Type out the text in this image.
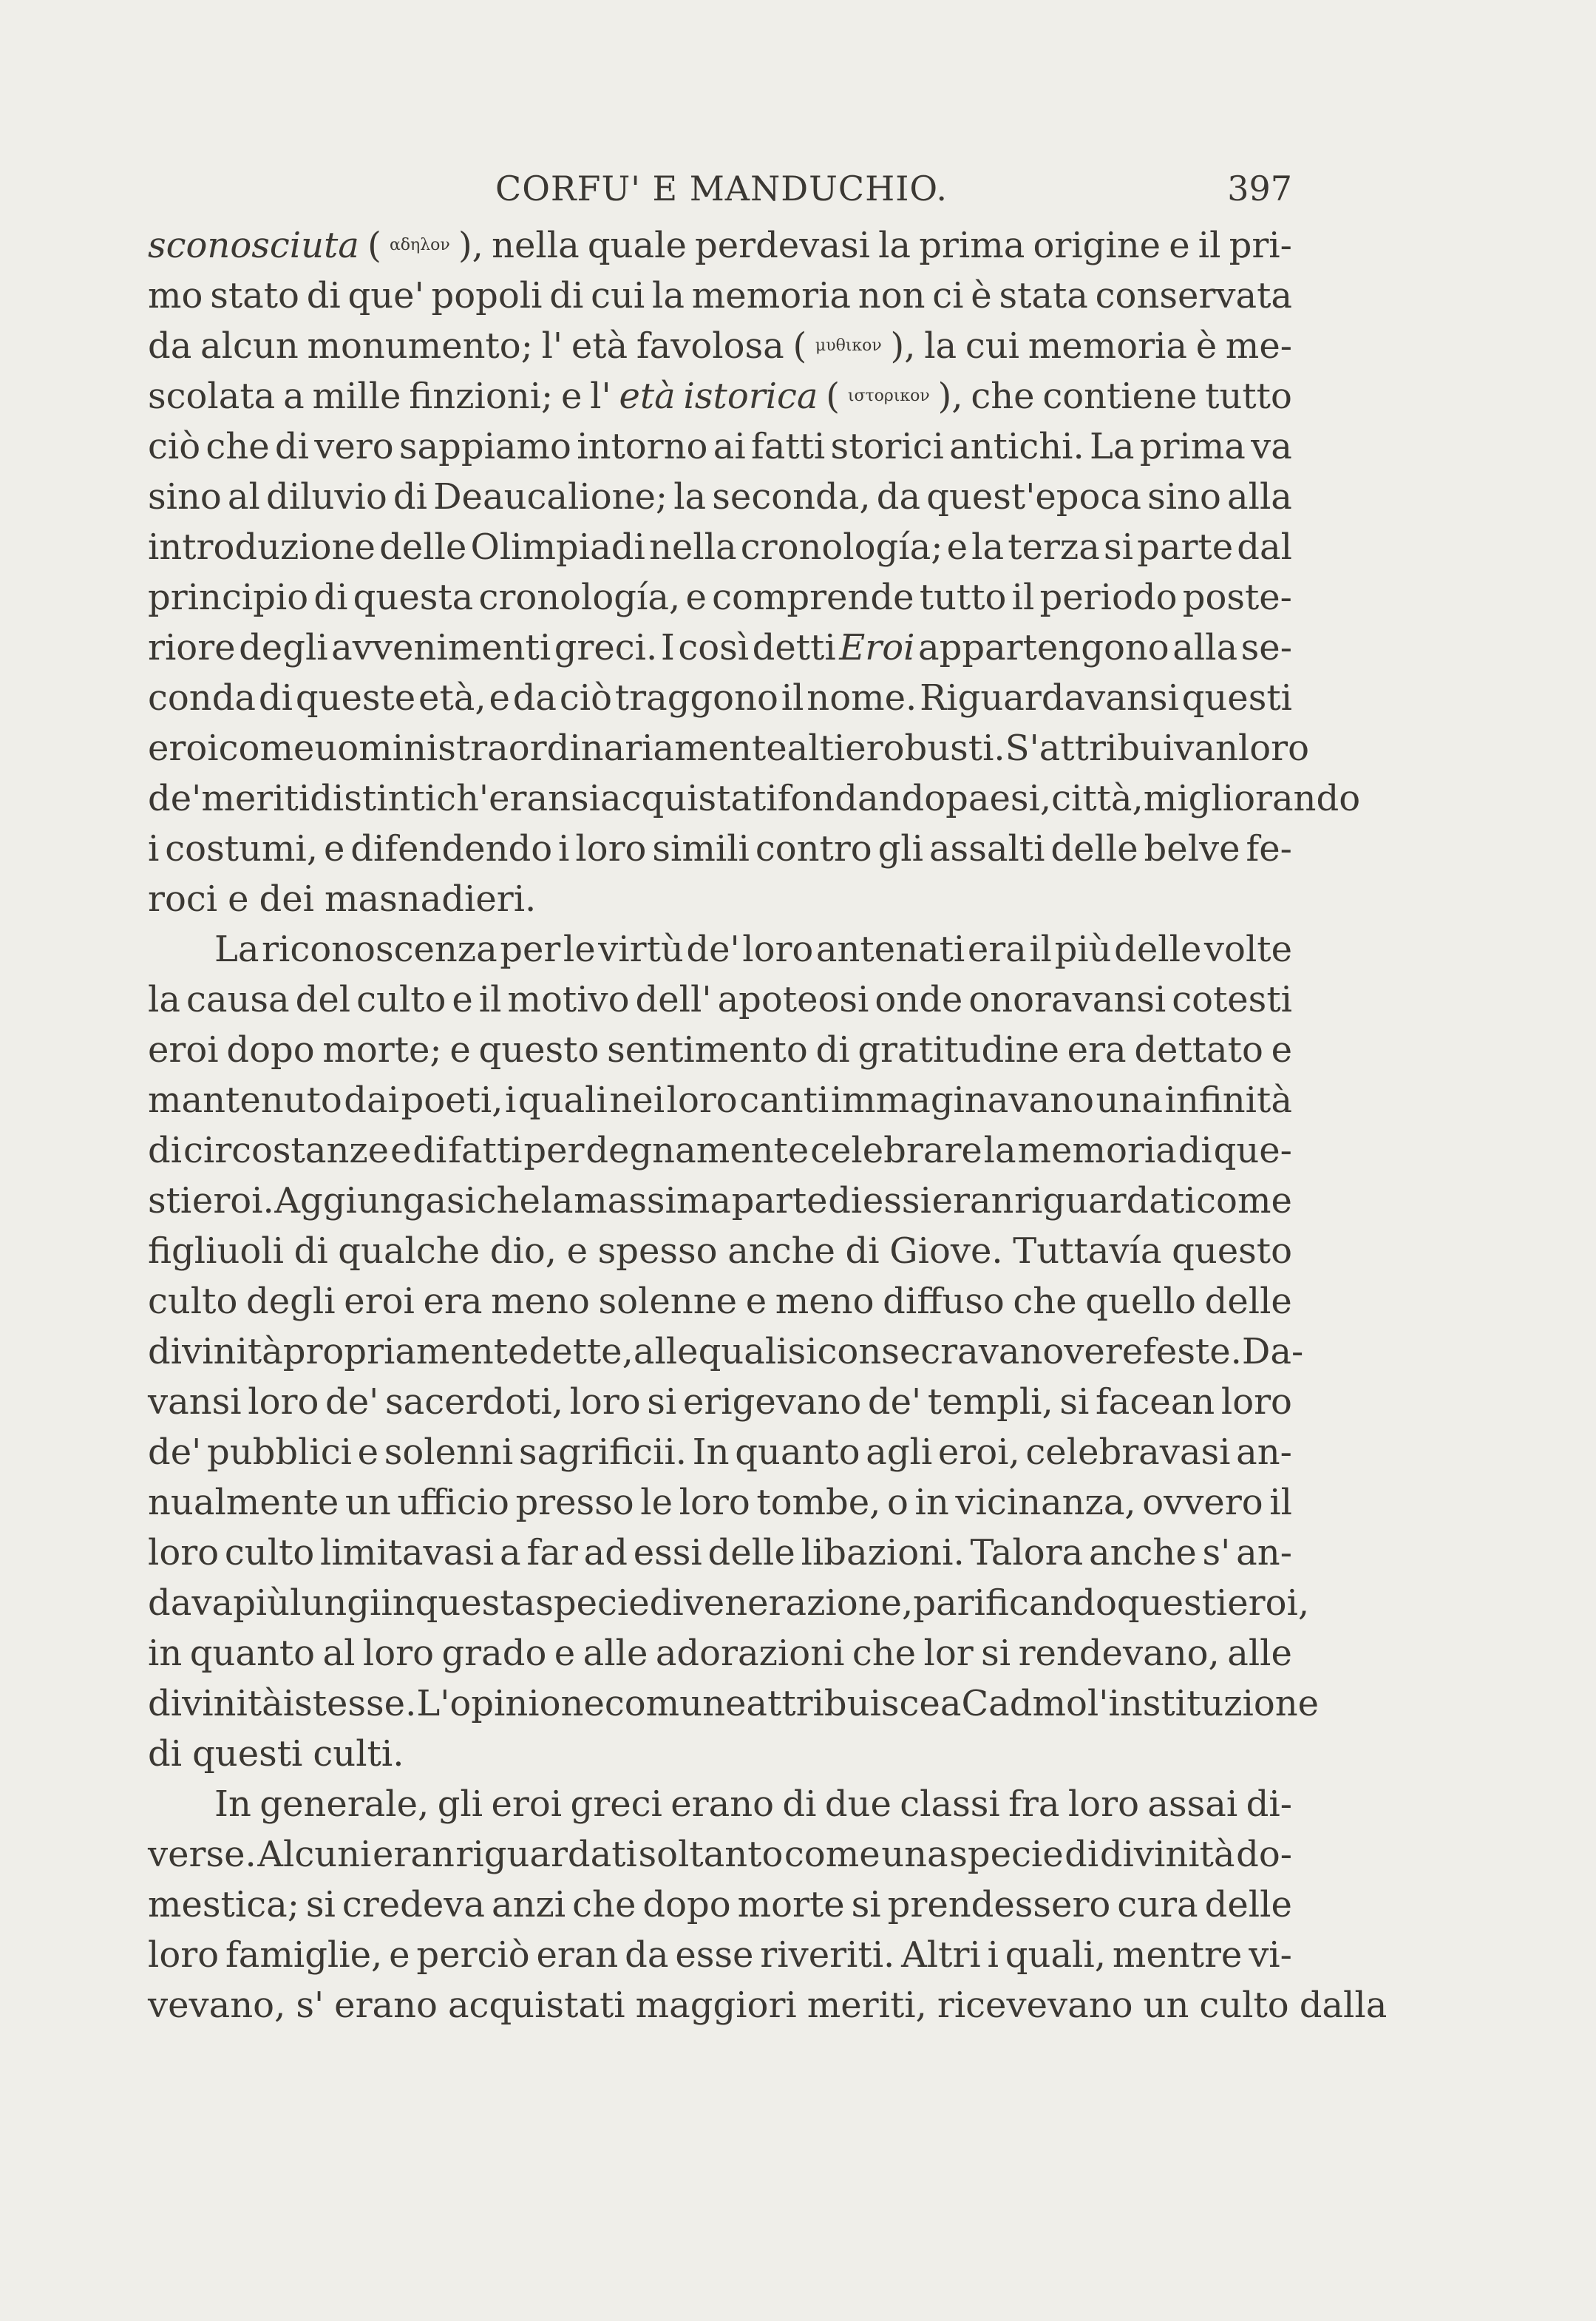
CORFU' E MANDUCHIO.	397
sconosciuta ( αδηλον ), nella quale perdevasi la prima origine e il pri-
mo stato di que' popoli di cui la memoria non ci è stata conservata
da alcun monumento; l' età favolosa ( μυθικον ), la cui memoria è me-
scolata a mille finzioni; e l' età istorica ( ιστορικον ), che contiene tutto
ciò che di vero sappiamo intorno ai fatti storici antichi. La prima va
sino al diluvio di Deaucalione; la seconda, da quest'epoca sino alla
introduzione delle Olimpiadi nella cronología; e la terza si parte dal
principio di questa cronología, e comprende tutto il periodo poste-
riore degli avvenimenti greci. I così detti Eroi appartengono alla se-
conda di queste età, e da ciò traggono il nome. Riguardavansi questi
eroi come uomini straordinariamente alti e robusti. S' attribuivan loro
de' meriti distinti ch' eransi acquistati fondando paesi, città, migliorando
i costumi, e difendendo i loro simili contro gli assalti delle belve fe-
roci e dei masnadieri.
La riconoscenza per le virtù de' loro antenati era il più delle volte
la causa del culto e il motivo dell' apoteosi onde onoravansi cotesti
eroi dopo morte; e questo sentimento di gratitudine era dettato e
mantenuto dai poeti, i quali nei loro canti immaginavano una infinità
di circostanze e di fatti per degnamente celebrare la memoria di que-
sti eroi. Aggiungasi che la massima parte di essi eran riguardati come
figliuoli di qualche dio, e spesso anche di Giove. Tuttavía questo
culto degli eroi era meno solenne e meno diffuso che quello delle
divinità propriamente dette, alle quali si consecravano vere feste. Da-
vansi loro de' sacerdoti, loro si erigevano de' templi, si facean loro
de' pubblici e solenni sagrificii. In quanto agli eroi, celebravasi an-
nualmente un ufficio presso le loro tombe, o in vicinanza, ovvero il
loro culto limitavasi a far ad essi delle libazioni. Talora anche s' an-
dava più lungi in questa specie di venerazione, parificando questi eroi,
in quanto al loro grado e alle adorazioni che lor si rendevano, alle
divinità istesse. L' opinione comune attribuisce a Cadmo l' instituzione
di questi culti.
In generale, gli eroi greci erano di due classi fra loro assai di-
verse. Alcuni eran riguardati soltanto come una specie di divinità do-
mestica; si credeva anzi che dopo morte si prendessero cura delle
loro famiglie, e perciò eran da esse riveriti. Altri i quali, mentre vi-
vevano, s' erano acquistati maggiori meriti, ricevevano un culto dalla
